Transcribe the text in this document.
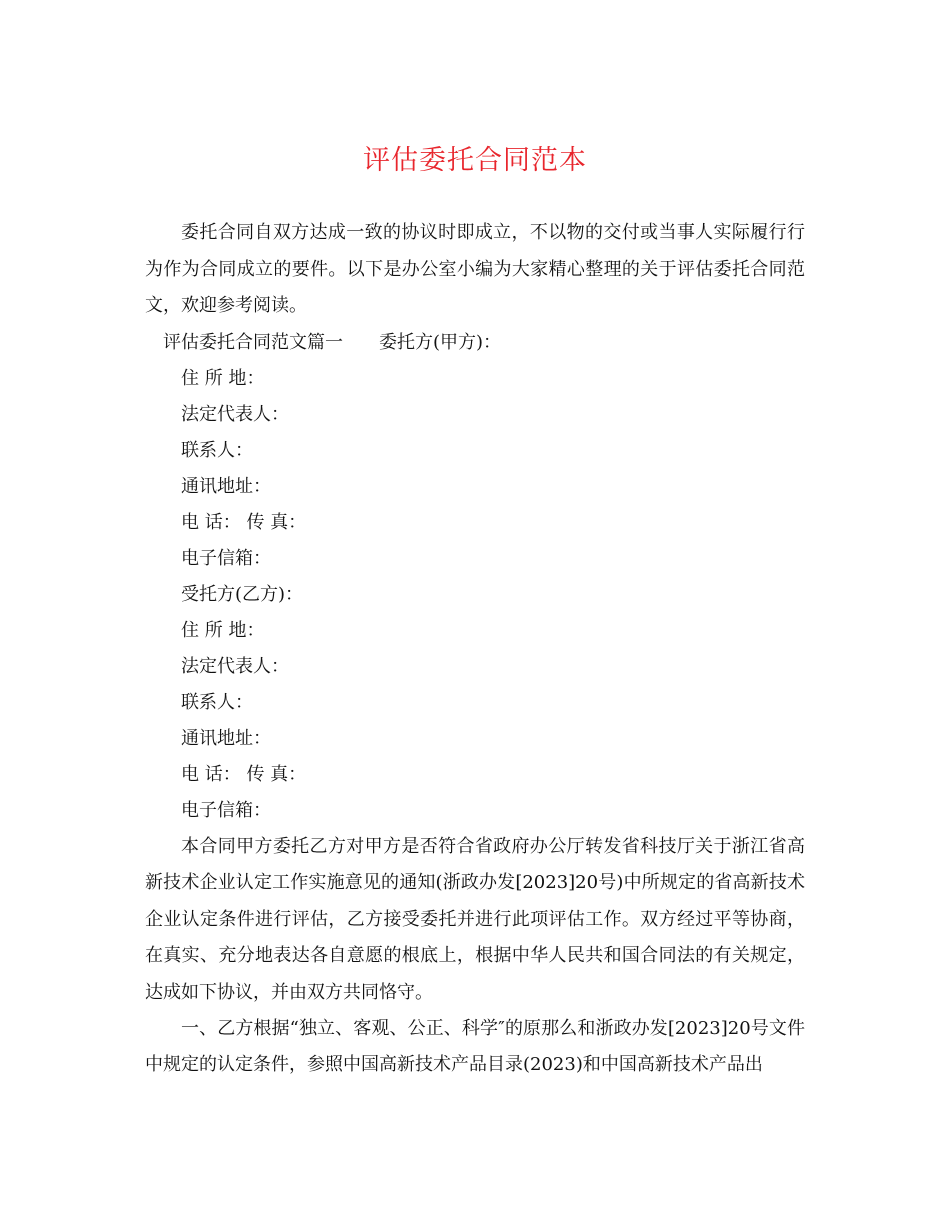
评估委托合同范本

委托合同自双方达成一致的协议时即成立，不以物的交付或当事人实际履行行为作为合同成立的要件。以下是办公室小编为大家精心整理的关于评估委托合同范文，欢迎参考阅读。

评估委托合同范文篇一 委托方(甲方)：

住 所 地：

法定代表人：

联系人：

通讯地址：

电 话： 传 真：

电子信箱：

受托方(乙方)：

住 所 地：

法定代表人：

联系人：

通讯地址：

电 话： 传 真：

电子信箱：

本合同甲方委托乙方对甲方是否符合省政府办公厅转发省科技厅关于浙江省高新技术企业认定工作实施意见的通知(浙政办发[2023]20号)中所规定的省高新技术企业认定条件进行评估，乙方接受委托并进行此项评估工作。双方经过平等协商，在真实、充分地表达各自意愿的根底上，根据中华人民共和国合同法的有关规定，达成如下协议，并由双方共同恪守。

一、乙方根据“独立、客观、公正、科学″的原那么和浙政办发[2023]20号文件中规定的认定条件，参照中国高新技术产品目录(2023)和中国高新技术产品出
